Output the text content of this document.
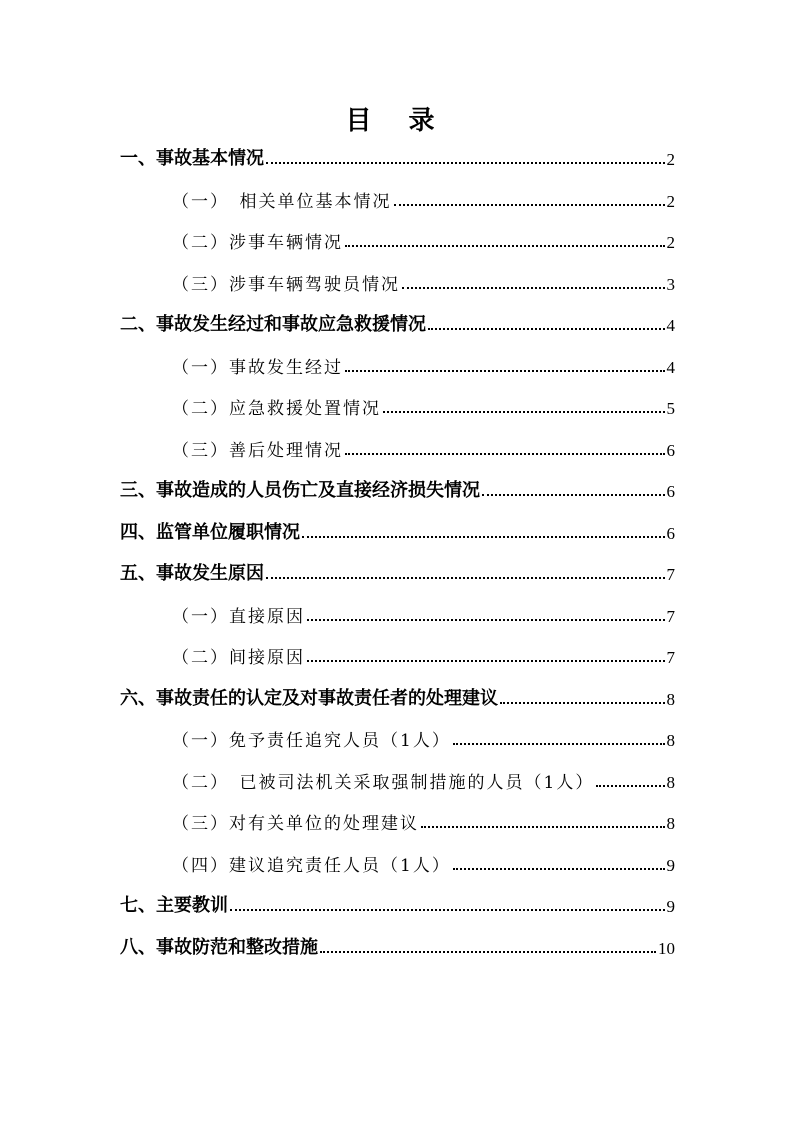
目 录
一、事故基本情况	2
（一）　相关单位基本情况	2
（二）涉事车辆情况	2
（三）涉事车辆驾驶员情况	3
二、事故发生经过和事故应急救援情况	4
（一）事故发生经过	4
（二）应急救援处置情况	5
（三）善后处理情况	6
三、事故造成的人员伤亡及直接经济损失情况	6
四、监管单位履职情况	6
五、事故发生原因	7
（一）直接原因	7
（二）间接原因	7
六、事故责任的认定及对事故责任者的处理建议	8
（一）免予责任追究人员（1人）	8
（二）　已被司法机关采取强制措施的人员（1人）	8
（三）对有关单位的处理建议	8
（四）建议追究责任人员（1人）	9
七、主要教训	9
八、事故防范和整改措施	10
